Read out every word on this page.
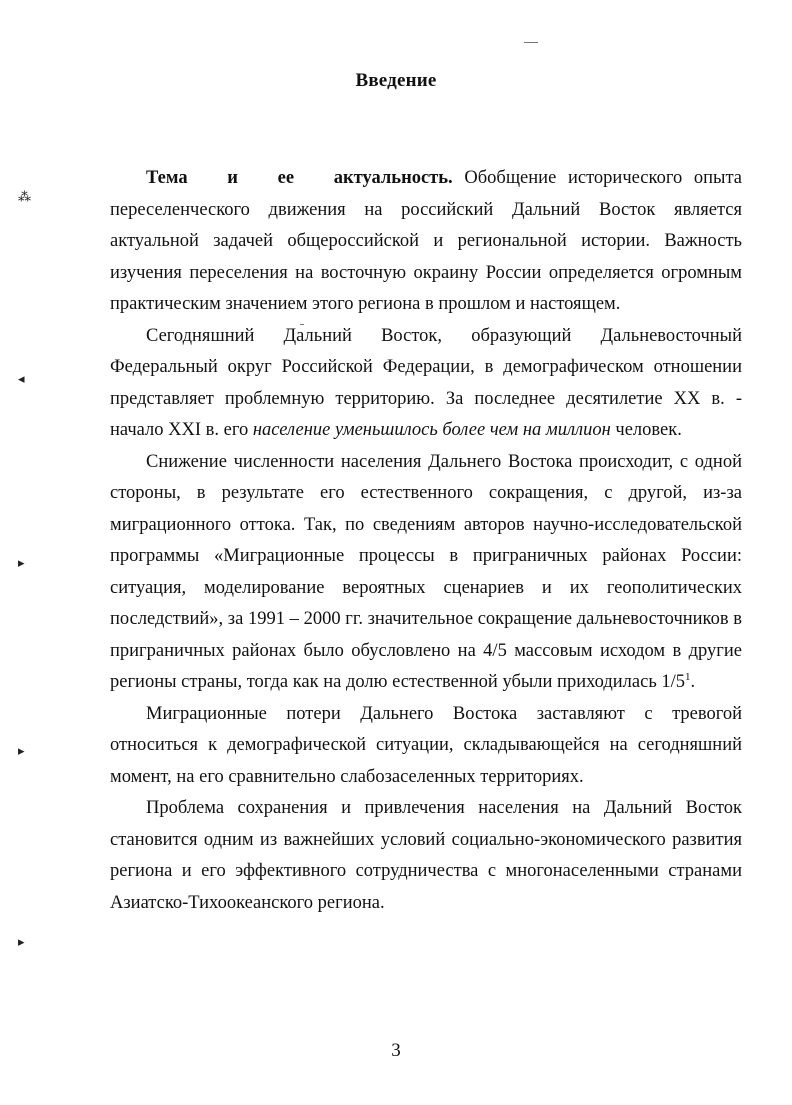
⁂
◂
▸
▸
▸
Введение

Тема и ее актуальность. Обобщение исторического опыта переселенческого движения на российский Дальний Восток является актуальной задачей общероссийской и региональной истории. Важность изучения переселения на восточную окраину России определяется огромным практическим значением этого региона в прошлом и настоящем.

Сегодняшний Дальний Восток, образующий Дальневосточный Федеральный округ Российской Федерации, в демографическом отношении представляет проблемную территорию. За последнее десятилетие XX в. - начало XXI в. его население уменьшилось более чем на миллион человек.

Снижение численности населения Дальнего Востока происходит, с одной стороны, в результате его естественного сокращения, с другой, из-за миграционного оттока. Так, по сведениям авторов научно-исследовательской программы «Миграционные процессы в приграничных районах России: ситуация, моделирование вероятных сценариев и их геополитических последствий», за 1991 – 2000 гг. значительное сокращение дальневосточников в приграничных районах было обусловлено на 4/5 массовым исходом в другие регионы страны, тогда как на долю естественной убыли приходилась $1/5^1$.

Миграционные потери Дальнего Востока заставляют с тревогой относиться к демографической ситуации, складывающейся на сегодняшний момент, на его сравнительно слабозаселенных территориях.

Проблема сохранения и привлечения населения на Дальний Восток становится одним из важнейших условий социально-экономического развития региона и его эффективного сотрудничества с многонаселенными странами Азиатско-Тихоокеанского региона.

3
